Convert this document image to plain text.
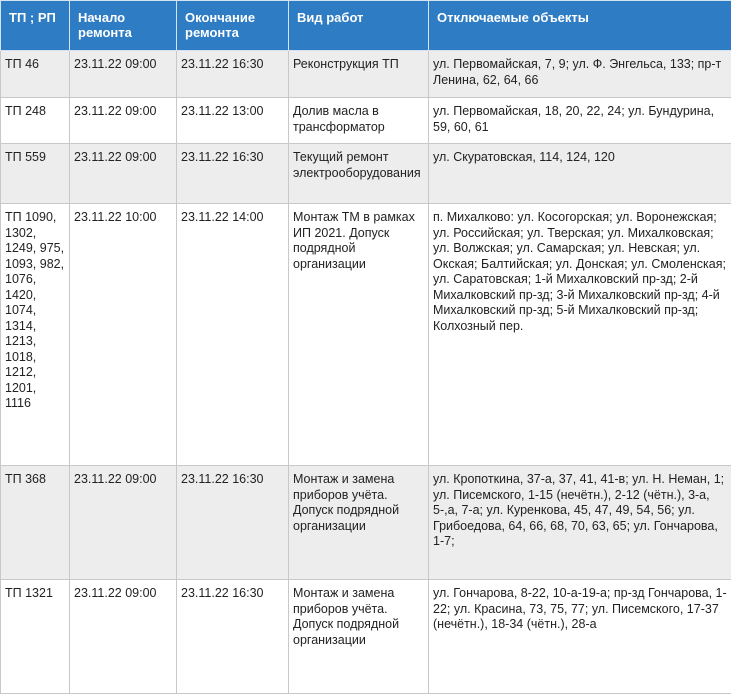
ТП ; РП	Начало ремонта	Окончание ремонта	Вид работ	Отключаемые объекты
ТП 46	23.11.22 09:00	23.11.22 16:30	Реконструкция ТП	ул. Первомайская, 7, 9; ул. Ф. Энгельса, 133; пр-т Ленина, 62, 64, 66
ТП 248	23.11.22 09:00	23.11.22 13:00	Долив масла в трансформатор	ул. Первомайская, 18, 20, 22, 24; ул. Бундурина, 59, 60, 61
ТП 559	23.11.22 09:00	23.11.22 16:30	Текущий ремонт электрооборудования	ул. Скуратовская, 114, 124, 120
ТП 1090, 1302, 1249, 975, 1093, 982, 1076, 1420, 1074, 1314, 1213, 1018, 1212, 1201, 1116	23.11.22 10:00	23.11.22 14:00	Монтаж ТМ в рамках ИП 2021. Допуск подрядной организации	п. Михалково: ул. Косогорская; ул. Воронежская; ул. Российская; ул. Тверская; ул. Михалковская; ул. Волжская; ул. Самарская; ул. Невская; ул. Окская; Балтийская; ул. Донская; ул. Смоленская; ул. Саратовская; 1-й Михалковский пр-зд; 2-й Михалковский пр-зд; 3-й Михалковский пр-зд; 4-й Михалковский пр-зд; 5-й Михалковский пр-зд; Колхозный пер.
ТП 368	23.11.22 09:00	23.11.22 16:30	Монтаж и замена приборов учёта. Допуск подрядной организации	ул. Кропоткина, 37-а, 37, 41, 41-в; ул. Н. Неман, 1; ул. Писемского, 1-15 (нечётн.), 2-12 (чётн.), 3-а, 5-,а, 7-а; ул. Куренкова, 45, 47, 49, 54, 56; ул. Грибоедова, 64, 66, 68, 70, 63, 65; ул. Гончарова, 1-7;
ТП 1321	23.11.22 09:00	23.11.22 16:30	Монтаж и замена приборов учёта. Допуск подрядной организации	ул. Гончарова, 8-22, 10-а-19-а; пр-зд Гончарова, 1-22; ул. Красина, 73, 75, 77; ул. Писемского, 17-37 (нечётн.), 18-34 (чётн.), 28-а
